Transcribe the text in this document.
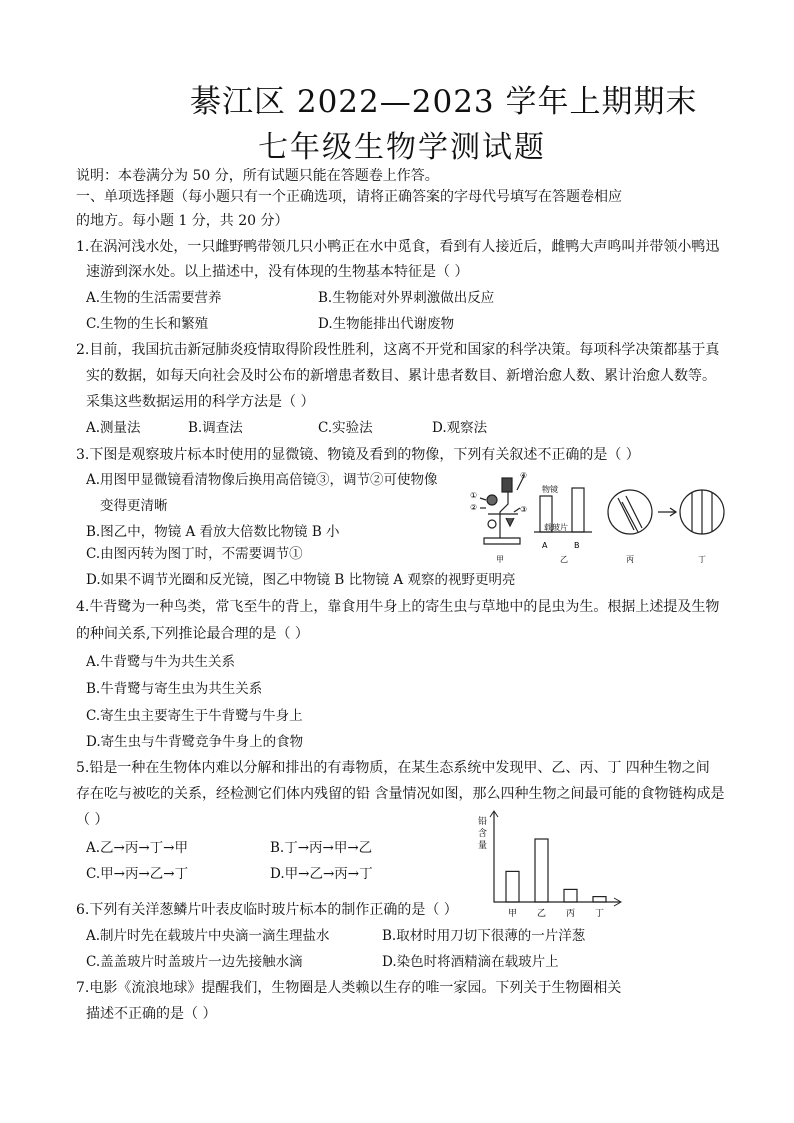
綦江区 2022—2023 学年上期期末
七年级生物学测试题
说明：本卷满分为 50 分，所有试题只能在答题卷上作答。
一、单项选择题（每小题只有一个正确选项，请将正确答案的字母代号填写在答题卷相应
的地方。每小题 1 分，共 20 分）
1.在涡河浅水处，一只雌野鸭带领几只小鸭正在水中觅食，看到有人接近后，雌鸭大声鸣叫并带领小鸭迅
速游到深水处。以上描述中，没有体现的生物基本特征是（ ）
A.生物的生活需要营养	B.生物能对外界刺激做出反应
C.生物的生长和繁殖	D.生物能排出代谢废物
2.目前，我国抗击新冠肺炎疫情取得阶段性胜利，这离不开党和国家的科学决策。每项科学决策都基于真
实的数据，如每天向社会及时公布的新增患者数目、累计患者数目、新增治愈人数、累计治愈人数等。
采集这些数据运用的科学方法是（ ）
A.测量法	B.调查法	C.实验法	D.观察法
3.下图是观察玻片标本时使用的显微镜、物镜及看到的物像，下列有关叙述不正确的是（ ）
A.用图甲显微镜看清物像后换用高倍镜③，调节②可使物像
变得更清晰
B.图乙中，物镜 A 看放大倍数比物镜 B 小
C.由图丙转为图丁时，不需要调节①
D.如果不调节光圈和反光镜，图乙中物镜 B 比物镜 A 观察的视野更明亮
④
①
②	③
物镜
载玻片
A	B
甲	乙	丙	丁
4.牛背鹭为一种鸟类，常飞至牛的背上，靠食用牛身上的寄生虫与草地中的昆虫为生。根据上述提及生物
的种间关系,下列推论最合理的是（ ）
A.牛背鹭与牛为共生关系
B.牛背鹭与寄生虫为共生关系
C.寄生虫主要寄生于牛背鹭与牛身上
D.寄生虫与牛背鹭竞争牛身上的食物
5.铅是一种在生物体内难以分解和排出的有毒物质，在某生态系统中发现甲、乙、丙、丁 四种生物之间
存在吃与被吃的关系，经检测它们体内残留的铅 含量情况如图，那么四种生物之间最可能的食物链构成是
（ ）
A.乙→丙→丁→甲	B.丁→丙→甲→乙
C.甲→丙→乙→丁	D.甲→乙→丙→丁
铅
含
量
甲 乙 丙 丁
6.下列有关洋葱鳞片叶表皮临时玻片标本的制作正确的是（ ）
A.制片时先在载玻片中央滴一滴生理盐水	B.取材时用刀切下很薄的一片洋葱
C.盖盖玻片时盖玻片一边先接触水滴	D.染色时将酒精滴在载玻片上
7.电影《流浪地球》提醒我们，生物圈是人类赖以生存的唯一家园。下列关于生物圈相关
描述不正确的是（ ）
